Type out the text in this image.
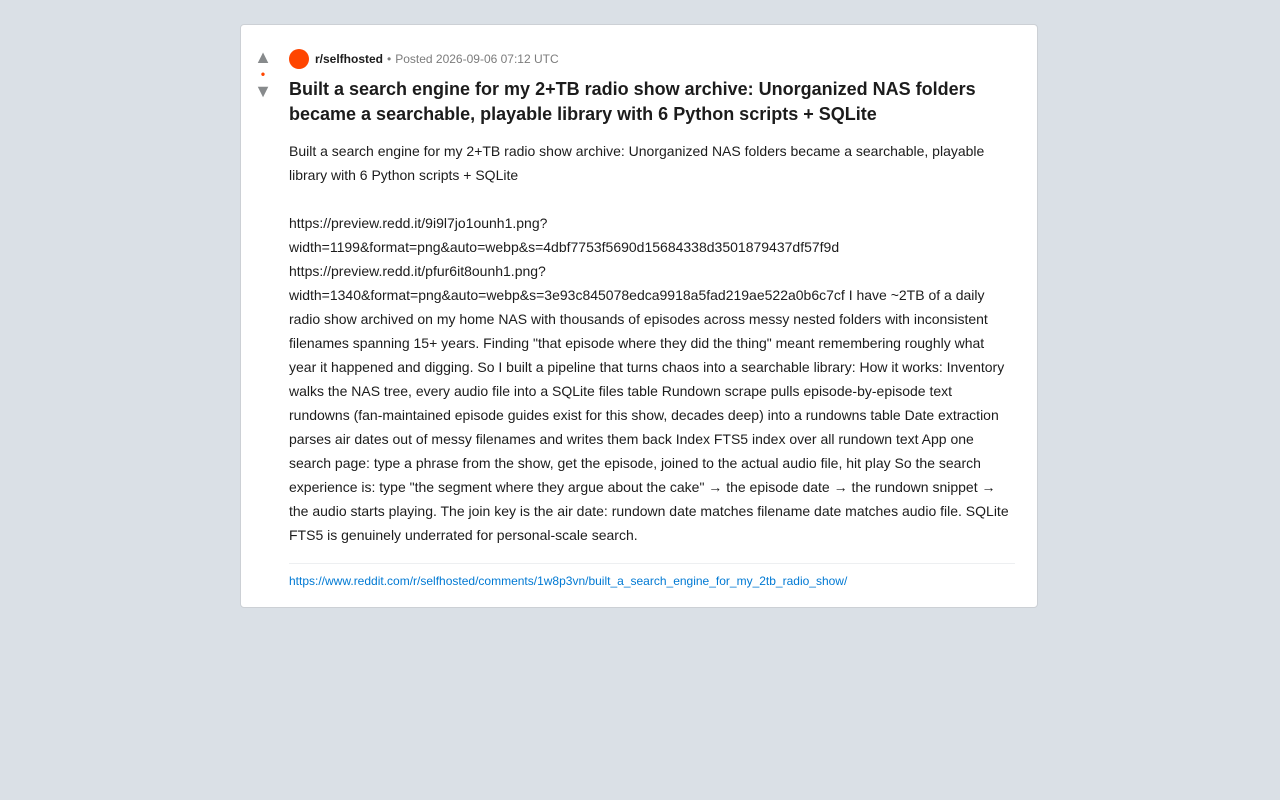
▲
•
▼
r/selfhosted • Posted 2026-09-06 07:12 UTC
Built a search engine for my 2+TB radio show archive: Unorganized NAS folders became a searchable, playable library with 6 Python scripts + SQLite

Built a search engine for my 2+TB radio show archive: Unorganized NAS folders became a searchable, playable library with 6 Python scripts + SQLite

https://preview.redd.it/9i9l7jo1ounh1.png?

width=1199&format=png&auto=webp&s=4dbf7753f5690d15684338d3501879437df57f9d

https://preview.redd.it/pfur6it8ounh1.png?

width=1340&format=png&auto=webp&s=3e93c845078edca9918a5fad219ae522a0b6c7cf I have ~2TB of a daily radio show archived on my home NAS with thousands of episodes across messy nested folders with inconsistent filenames spanning 15+ years. Finding "that episode where they did the thing" meant remembering roughly what year it happened and digging. So I built a pipeline that turns chaos into a searchable library: How it works: Inventory walks the NAS tree, every audio file into a SQLite files table Rundown scrape pulls episode-by-episode text rundowns (fan-maintained episode guides exist for this show, decades deep) into a rundowns table Date extraction parses air dates out of messy filenames and writes them back Index FTS5 index over all rundown text App one search page: type a phrase from the show, get the episode, joined to the actual audio file, hit play So the search experience is: type "the segment where they argue about the cake" → the episode date → the rundown snippet → the audio starts playing. The join key is the air date: rundown date matches filename date matches audio file. SQLite FTS5 is genuinely underrated for personal-scale search.

https://www.reddit.com/r/selfhosted/comments/1w8p3vn/built_a_search_engine_for_my_2tb_radio_show/
